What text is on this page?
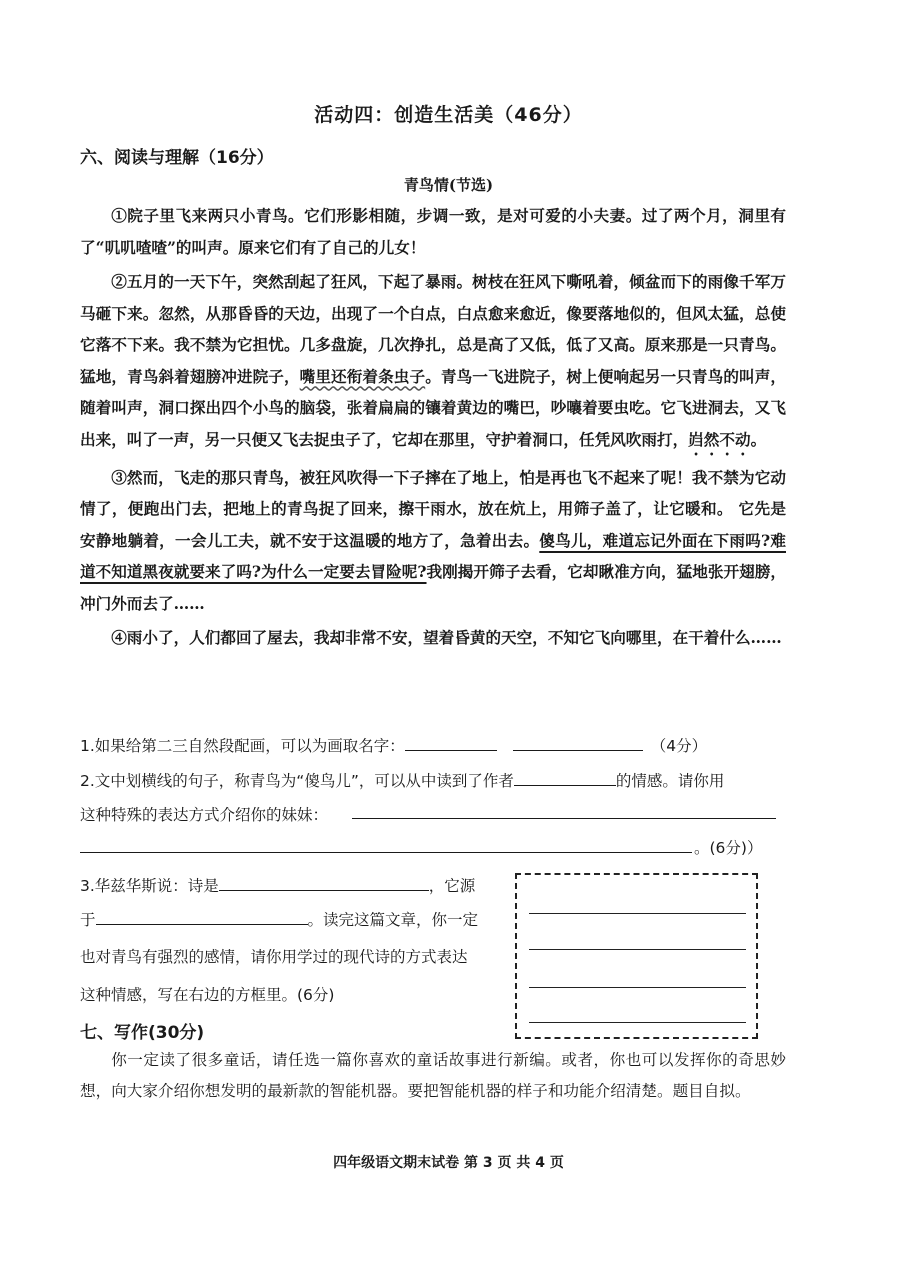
活动四：创造生活美（46分）
六、阅读与理解（16分）
青鸟情(节选)

①院子里飞来两只小青鸟。它们形影相随，步调一致，是对可爱的小夫妻。过了两个月，洞里有了“叽叽喳喳”的叫声。原来它们有了自己的儿女！

②五月的一天下午，突然刮起了狂风，下起了暴雨。树枝在狂风下嘶吼着，倾盆而下的雨像千军万马砸下来。忽然，从那昏昏的天边，出现了一个白点，白点愈来愈近，像要落地似的，但风太猛，总使它落不下来。我不禁为它担忧。几多盘旋，几次挣扎，总是高了又低，低了又高。原来那是一只青鸟。猛地，青鸟斜着翅膀冲进院子，嘴里还衔着条虫子。青鸟一飞进院子，树上便响起另一只青鸟的叫声，随着叫声，洞口探出四个小鸟的脑袋，张着扁扁的镶着黄边的嘴巴，吵嚷着要虫吃。它飞进洞去，又飞出来，叫了一声，另一只便又飞去捉虫子了，它却在那里，守护着洞口，任凭风吹雨打，岿然不动。

③然而，飞走的那只青鸟，被狂风吹得一下子摔在了地上，怕是再也飞不起来了呢！我不禁为它动情了，便跑出门去，把地上的青鸟捉了回来，擦干雨水，放在炕上，用筛子盖了，让它暖和。 它先是安静地躺着，一会儿工夫，就不安于这温暖的地方了，急着出去。傻鸟儿，难道忘记外面在下雨吗?难道不知道黑夜就要来了吗?为什么一定要去冒险呢?我刚揭开筛子去看，它却瞅准方向，猛地张开翅膀，冲门外而去了……

④雨小了，人们都回了屋去，我却非常不安，望着昏黄的天空，不知它飞向哪里，在干着什么……

1.如果给第二三自然段配画，可以为画取名字：	（4分）
2.文中划横线的句子，称青鸟为“傻鸟儿”，可以从中读到了作者	的情感。请你用
这种特殊的表达方式介绍你的妹妹：
。(6分)）
3.华兹华斯说：诗是	，它源
于	。读完这篇文章，你一定
也对青鸟有强烈的感情，请你用学过的现代诗的方式表达
这种情感，写在右边的方框里。(6分)
七、写作(30分)

你一定读了很多童话，请任选一篇你喜欢的童话故事进行新编。或者，你也可以发挥你的奇思妙想，向大家介绍你想发明的最新款的智能机器。要把智能机器的样子和功能介绍清楚。题目自拟。

四年级语文期末试卷 第 3 页 共 4 页
